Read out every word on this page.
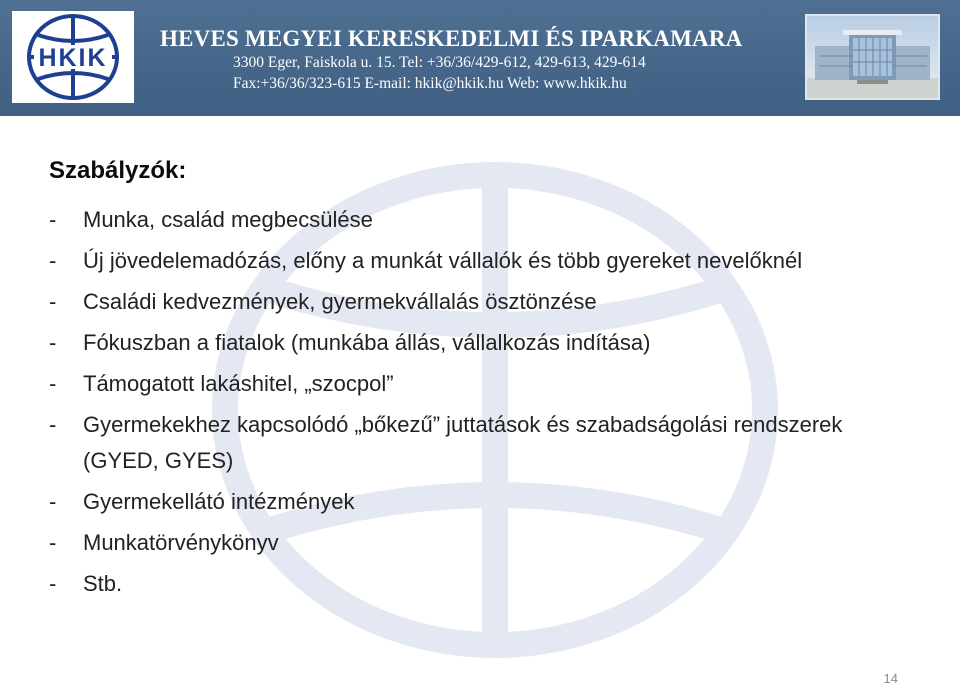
HKIK
HEVES MEGYEI KERESKEDELMI ÉS IPARKAMARA
3300 Eger, Faiskola u. 15. Tel: +36/36/429-612, 429-613, 429-614
Fax:+36/36/323-615 E-mail: hkik@hkik.hu Web: www.hkik.hu
Szabályzók:
- Munka, család megbecsülése
- Új jövedelemadózás, előny a munkát vállalók és több gyereket nevelőknél
- Családi kedvezmények, gyermekvállalás ösztönzése
- Fókuszban a fiatalok (munkába állás, vállalkozás indítása)
- Támogatott lakáshitel, „szocpol”
- Gyermekekhez kapcsolódó „bőkezű” juttatások és szabadságolási rendszerek (GYED, GYES)
- Gyermekellátó intézmények
- Munkatörvénykönyv
- Stb.
14
